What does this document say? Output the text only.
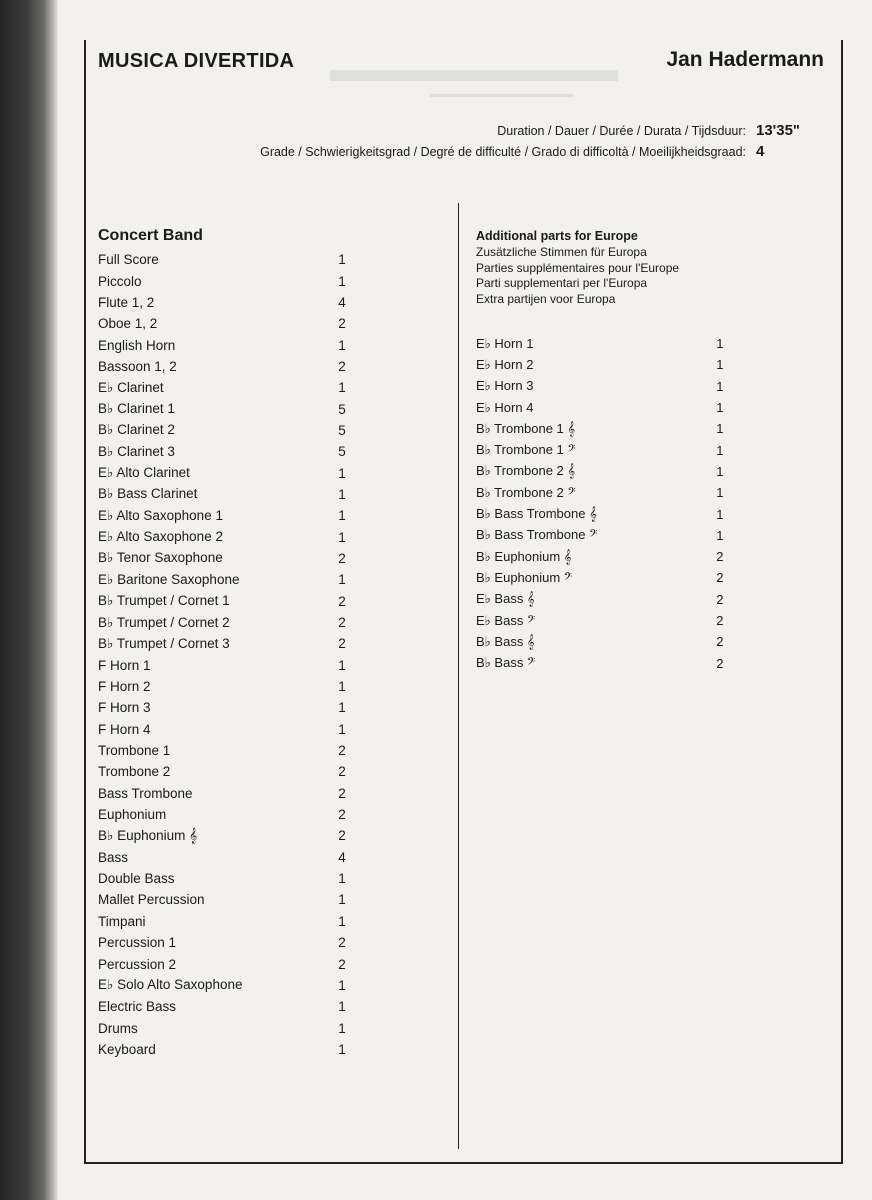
▬▬▬▬▬▬▬▬
▬▬▬▬▬▬▬▬▬▬▬▬▬
MUSICA DIVERTIDA	Jan Hadermann
Duration / Dauer / Durée / Durata / Tijdsduur: 13'35"
Grade / Schwierigkeitsgrad / Degré de difficulté / Grado di difficoltà / Moeilijkheidsgraad: 4
Concert Band
Full Score	1
Piccolo	1
Flute 1, 2	4
Oboe 1, 2	2
English Horn	1
Bassoon 1, 2	2
E♭ Clarinet	1
B♭ Clarinet 1	5
B♭ Clarinet 2	5
B♭ Clarinet 3	5
E♭ Alto Clarinet	1
B♭ Bass Clarinet	1
E♭ Alto Saxophone 1	1
E♭ Alto Saxophone 2	1
B♭ Tenor Saxophone	2
E♭ Baritone Saxophone	1
B♭ Trumpet / Cornet 1	2
B♭ Trumpet / Cornet 2	2
B♭ Trumpet / Cornet 3	2
F Horn 1	1
F Horn 2	1
F Horn 3	1
F Horn 4	1
Trombone 1	2
Trombone 2	2
Bass Trombone	2
Euphonium	2
B♭ Euphonium 𝄞	2
Bass	4
Double Bass	1
Mallet Percussion	1
Timpani	1
Percussion 1	2
Percussion 2	2
E♭ Solo Alto Saxophone	1
Electric Bass	1
Drums	1
Keyboard	1
Additional parts for Europe
Zusätzliche Stimmen für Europa
Parties supplémentaires pour l'Europe
Parti supplementari per l'Europa
Extra partijen voor Europa
E♭ Horn 1	1
E♭ Horn 2	1
E♭ Horn 3	1
E♭ Horn 4	1
B♭ Trombone 1 𝄞	1
B♭ Trombone 1 𝄢	1
B♭ Trombone 2 𝄞	1
B♭ Trombone 2 𝄢	1
B♭ Bass Trombone 𝄞	1
B♭ Bass Trombone 𝄢	1
B♭ Euphonium 𝄞	2
B♭ Euphonium 𝄢	2
E♭ Bass 𝄞	2
E♭ Bass 𝄢	2
B♭ Bass 𝄞	2
B♭ Bass 𝄢	2
